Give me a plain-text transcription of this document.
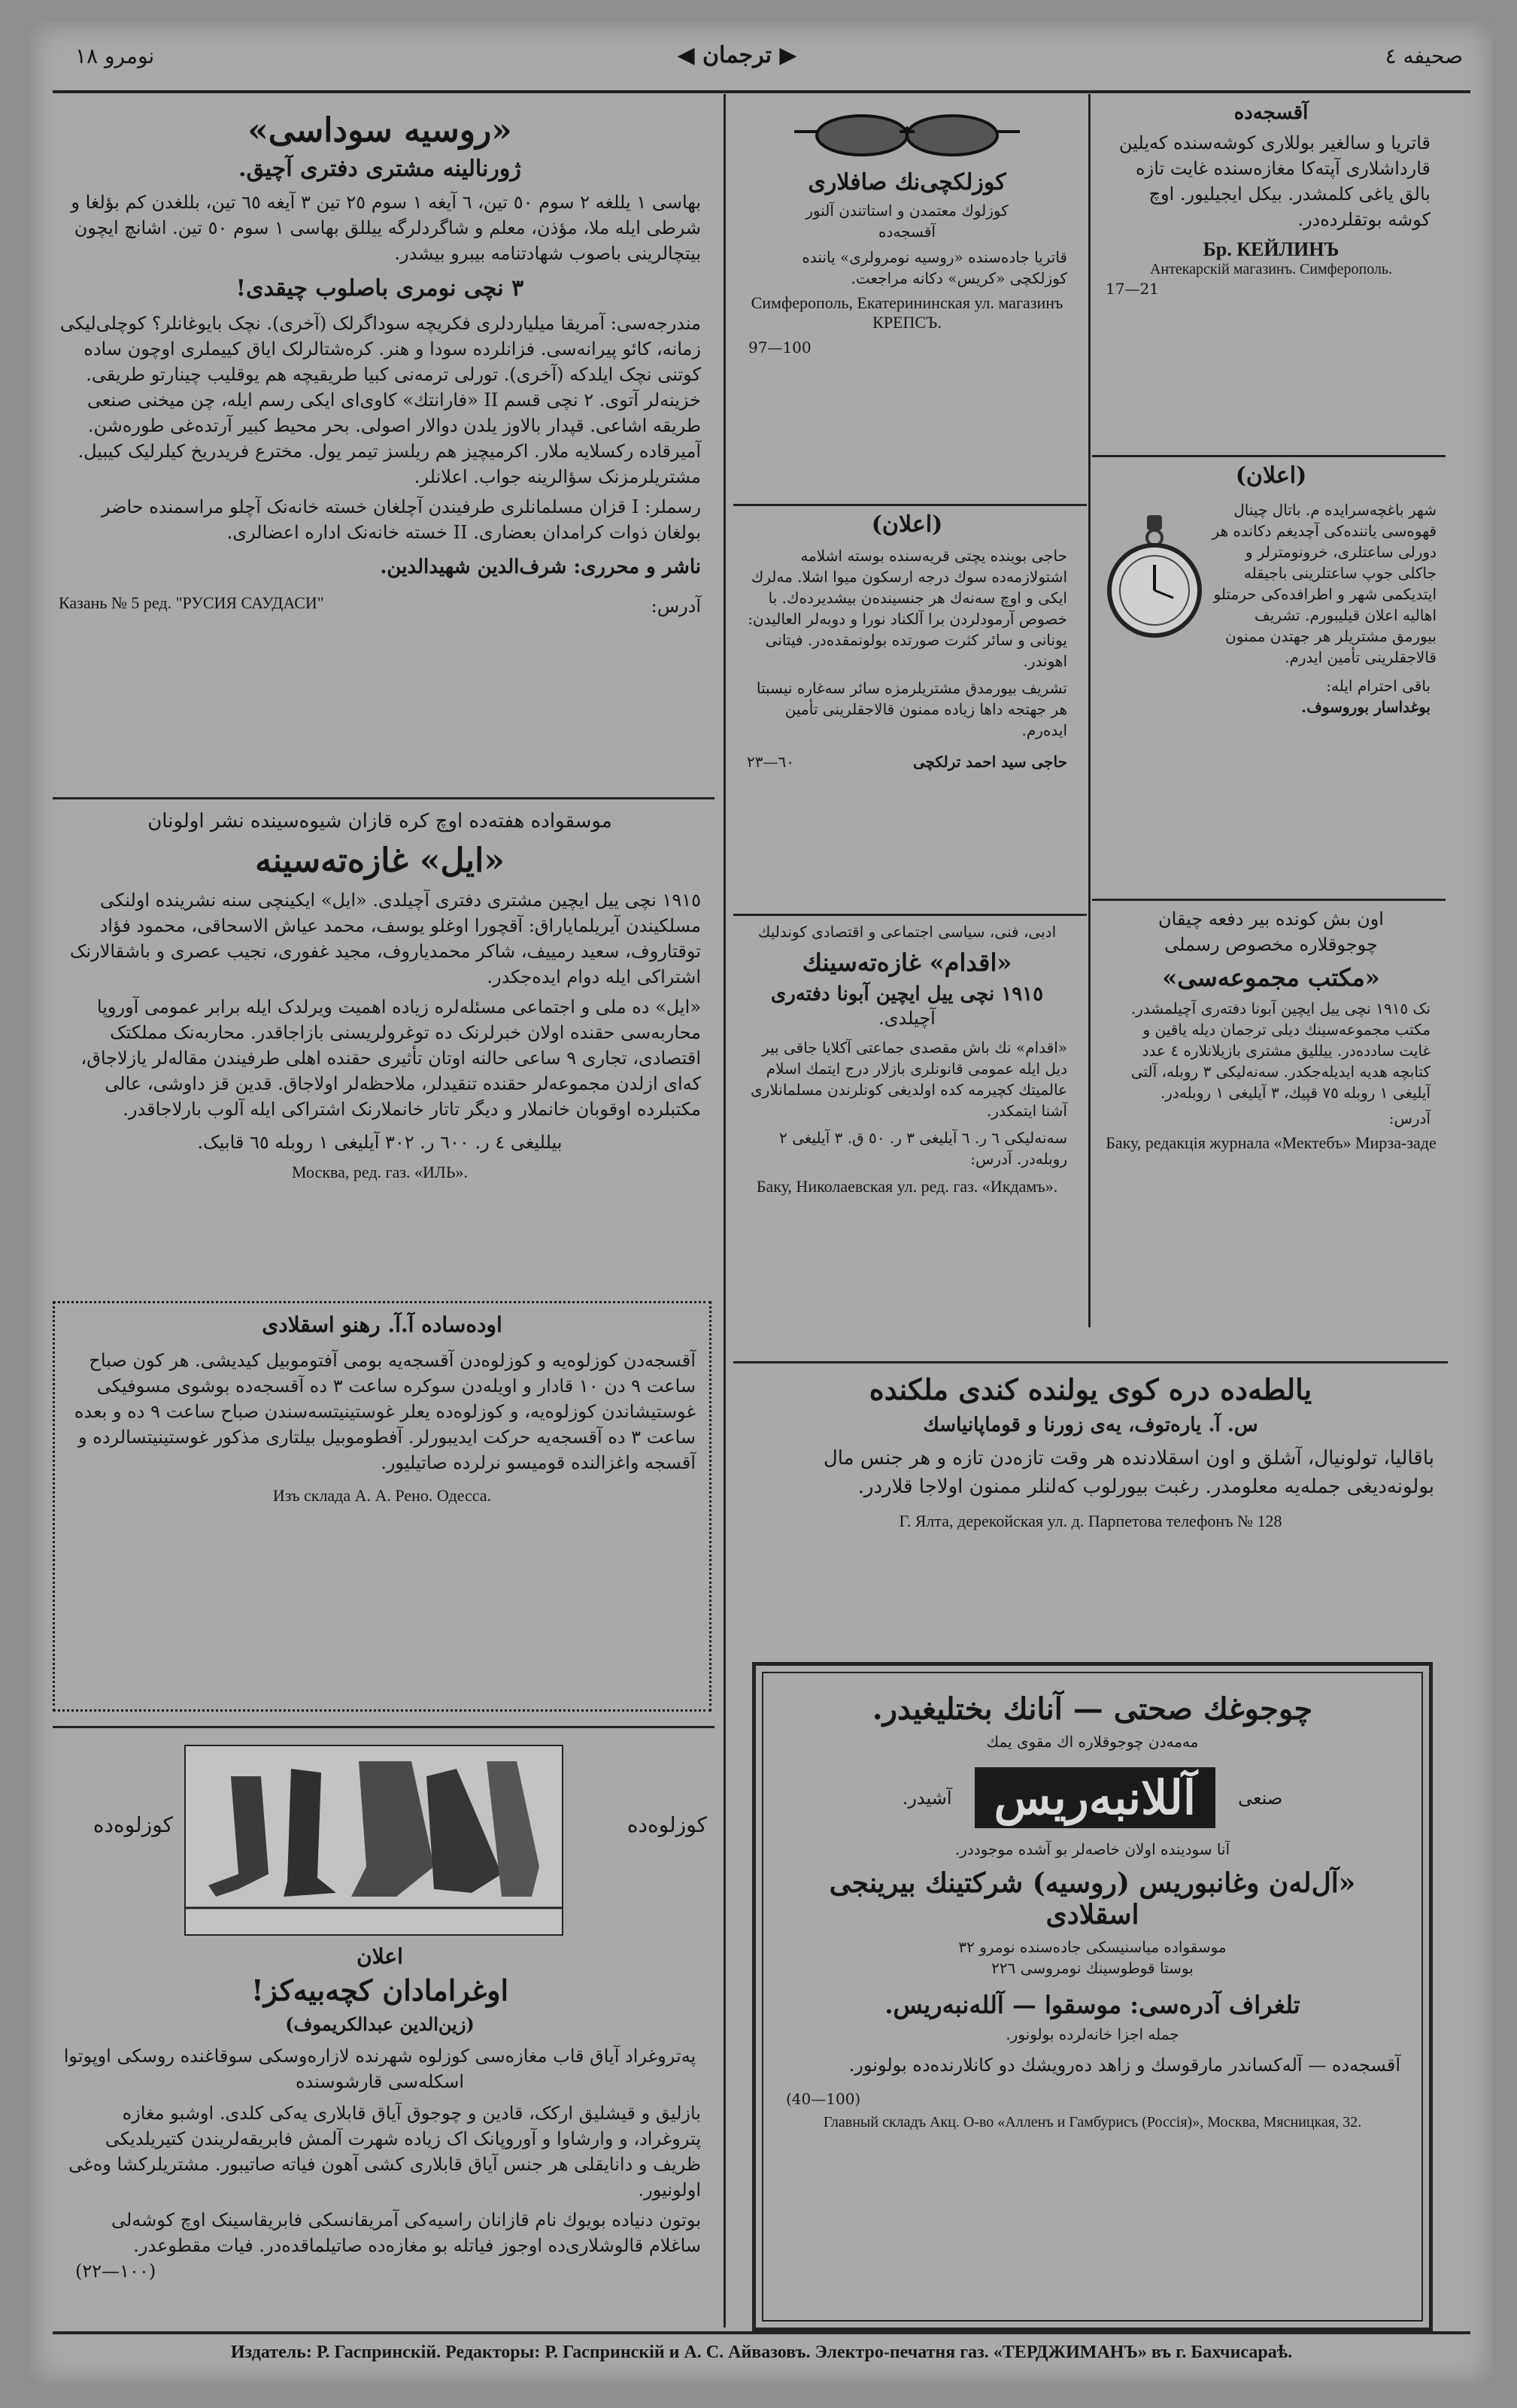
صحیفه ٤
◀ ترجمان ▶
نومرو ١٨

«روسیه سوداسی»

ژورنالینه مشتری دفتری آچیق.

بهاسی ١ یللغه ٢ سوم ٥٠ تین، ٦ آیغه ١ سوم ٢٥ تین ٣ آیغه ٦٥ تین، بللغدن کم بؤلغا و شرطی ایله ملا، مؤذن، معلم و شاگردلرگه ییللق بهاسی ١ سوم ٥٠ تین. اشانچ ایچون بیتچالرینی باصوب شهادتنامه بیبرو بیشدر.

٣ نچی نومری باصلوب چیقدی!

مندرجه‌سی: آمریقا میلیاردلری فکریچه سوداگرلک (آخری). نچک بایوغانلر؟ کوچلی‌لیکی زمانه، کائو پیرانه‌سی. فزانلرده سودا و هنر. کره‌شتالرلک ایاق کییملری اوچون ساده کوتنی نچک ایلدکه (آخری). تورلی ترمه‌نی کبیا طریقیچه هم یوقلیب چینارتو طریقی. خزینه‌لر آتوی. ٢ نچی قسم II «فارانتك» کاوی‌ای ایکی رسم ایله، چن میخنی صنعی طریقه اشاعی. قپدار بالاوز یلدن دوالار اصولی. بحر محیط کبیر آرتده‌غی طوره‌شن. آمیرقاده رکسلایه ملار. اکرمیچیز هم ریلسز تیمر یول. مخترع فریدریخ‌ کیلرلیک کیبیل. مشتریلرمزنک سؤالرینه جواب. اعلانلر.

رسملر: I قزان مسلمانلری طرفیندن آچلغان خسته خانه‌نک آچلو مراسمنده حاضر بولغان ذوات کرامدان بعضاری. II خسته خانه‌نک اداره اعضالری.

ناشر و محرری: شرف‌الدین شهیدالدین.

آدرس:
Казань № 5 ред. "РУСИЯ САУДАСИ"

موسقواده هفته‌ده اوچ کره قازان شیوه‌سینده نشر اولونان

«ایل» غازه‌ته‌سینه

١٩١٥ نچی ییل ایچین مشتری دفتری آچیلدی. «ایل» ایکینچی سنه نشرینده اولنکی مسلکیندن آیریلمایاراق: آقچورا اوغلو یوسف، محمد عیاش الاسحاقی، محمود فؤاد توقتاروف، سعید رمییف، شاکر محمدیاروف، مجید غفوری، نجیب عصری و باشقالارنک اشتراکی ایله دوام ایده‌جکدر.

«ایل» ده ملی و اجتماعی مسئله‌لره زیاده اهمیت ویرلدک ایله برابر عمومی آوروپا محاربه‌سی حقنده اولان خبرلرنک ده توغرولریسنی بازاجاقدر. محاربه‌نک مملکتک اقتصادی، تجاری ٩ ساعی حالنه‌ اوتان تأثیری حقنده اهلی طرفیندن مقاله‌لر یازلاجاق، که‌ای ازلدن مجموعه‌لر حقنده تنقیدلر، ملاحظه‌لر اولاجاق. قدین قز داوشی، عالی مکتبلرده اوقوبان خانملار و دیگر تاتار خانملارنک اشتراکی ایله آلوب بارلاجاقدر.

بیللیغی ٤ ر. ٦٠٠ ر. ٣٠٢ آیلیغی ١ روبله ٦٥ قابیک.

Москва, ред. газ. «ИЛЬ».

اوده‌ساده آ.آ. رهنو اسقلادی

آقسجه‌دن کوزلوه‌یه و کوزلوه‌دن آقسجه‌یه بومی آفتوموبیل کیدیشی. هر کون صباح ساعت ٩ دن ١٠ قادار و اویله‌دن سوکره ساعت ٣ ده آقسجه‌ده بوشوی مسوفیکی غوستیشاندن کوزلوه‌یه، و کوزلوه‌ده یعلر غوستینیتسه‌سندن صباح ساعت ٩ ده و بعده ساعت ٣ ده آقسجه‌یه حرکت ایدیبورلر. آفطوموبیل بیلتاری مذکور غوستینیتسالرده و آقسجه واغزالنده قومیسو نرلرده صاتیلیور.

Изъ склада А. А. Рено. Одесса.

کوزلوه‌ده
کوزلوه‌ده

اعلان

اوغرامادان کچه‌بیه‌کز!

(زین‌الدین عبدالکریموف)

په‌تروغراد آیاق قاب مغازه‌سی کوزلوه شهرنده لازاره‌وسکی سوقاغنده روسکی اوپوتوا اسکله‌سی قارشوسنده

بازلیق و قیشلیق ارکک، قادین و چوجوق آیاق قابلاری یه‌کی کلدی. اوشبو مغازه پتروغراد، و وارشاوا و آوروپانک اک زیاده شهرت آلمش فابریقه‌لریندن کتیریلدیکی ظریف و دانایقلی هر جنس آیاق قابلاری کشی آهون فیاته صاتیبور. مشتریلرکشا وه‌غی اولونیور.

بوتون دنیاده بویوك نام قازانان راسیه‌کی آمریقانسکی فابریقاسینک اوچ کوشه‌لی ساغلام قالوشلاری‌ده اوجوز فیاتله بو مغازه‌ده صاتیلماقده‌در. فیات مقطوعدر.

(١٠٠—٢٢)

کوزلکچی‌نك صافلاری

کوزلوك معتمدن و استاتندن آلنور

آقسجه‌ده

قاتریا جاده‌سنده «روسیه نومرولری» یاننده کوزلکچی «کریس» دکانه مراجعت.

Симферополь, Екатерининская ул. магазинъ КРЕПСЪ.

97—100

(اعلان)

حاجی بوینده یچتی قریه‌سنده بوسته اشلامه اشتولازمه‌ده سوك درجه ارسکون میوا اشلا. مه‌لرك ایکی و اوچ سه‌نه‌ك هر جنسینده‌ن بیشدیرده‌ك. با خصوص آرمودلردن برا آلکناد نورا و دوبه‌لر العالیدن: یونانی و سائر کثرت صورتده بولونمقده‌در. فیتانی اهوندر.

تشریف بیورمدق مشتریلرمزه سائر سه‌غاره نیسبتا هر جهتجه داها زیاده ممنون قالاجقلرینی تأمین ایده‌رم.

حاجی سید احمد ترلکچی
٦٠—٢٣

ادبی، فنی، سیاسی اجتماعی و اقتصادی کوندلیك

«اقدام» غازه‌ته‌سینك

١٩١٥ نچی ییل ایچین آبونا دفته‌ری

آچیلدی.

«اقدام» نك باش مقصدی جماعتی آکلایا جاقی بیر دیل ایله عمومی قانونلری بازلار درج ایتمك اسلام عالمیتك کچیرمه کده اولدیغی کونلرندن مسلمانلاری آشنا ایتمکدر.

سه‌نه‌لیکی ٦ ر. ٦ آیلیغی ٣ ر. ٥٠ ق. ٣ آیلیغی ٢ روبله‌در. آدرس:

Баку, Николаевская ул. ред. газ. «Икдамъ».

آقسجه‌ده

قاتریا و سالغیر بوللاری کوشه‌سنده که‌یلین قارداشلاری آپته‌کا مغازه‌سنده غایت تازه بالق یاغی کلمشدر. بیکل ایجیلیور. اوچ کوشه بوتقلرده‌در.

Бр. КЕЙЛИНЪ

Антекарскій магазинъ. Симферополь.

17—21

(اعلان)

شهر باغچه‌سرایده م. باتال چینال قهوه‌سی یاننده‌کی آچدیغم دکانده هر دورلی ساعتلری، خرونومترلر و جاکلی جوپ ساعتلرینی باجیقله ایتدیکمی شهر و اطرافده‌کی حرمتلو اهالیه اعلان قیلیبورم. تشریف بیورمق مشتریلر هر جهتدن ممنون قالاجقلرینی تأمین ایدرم.

باقی احترام ایله:

بوغداسار بوروسوف.

اون بش کونده بیر دفعه چیقان

چوجوقلاره مخصوص رسملی

«مکتب مجموعه‌سی»

نک ١٩١٥ نچی ییل ایچین آبونا دفته‌ری آچیلمشدر. مکتب مجموعه‌سینك دیلی ترجمان دیله یاقین و غایت سادده‌در. ییللیق مشتری بازیلانلاره ٤ عدد کتابچه هدیه ایدیله‌جکدر. سه‌نه‌لیکی ٣ روبله، آلتی آیلیغی ١ روبله ٧٥ قپیك، ٣ آیلیغی ١ روبله‌در.

آدرس:

Баку, редакція журнала «Мектебъ» Мирза-заде

یالطه‌ده دره کوی یولنده کندی ملکنده

س. آ. یاره‌توف، یه‌ی زورنا و قوماپانیاسك

باقالیا، تولونیال، آشلق و اون اسقلادنده هر وقت تازه‌دن تازه و هر جنس مال بولونه‌دیغی جمله‌یه معلومدر. رغبت بیورلوب که‌لنلر ممنون اولاجا قلاردر.

Г. Ялта, дерекойская ул. д. Парпетова телефонъ № 128

چوجوغك صحتی — آنانك بختلیغیدر.

مه‌مه‌دن چوجوقلاره اك مقوی یمك

صنعی
آللانبه‌ریس
آشیدر.

آنا سودینده اولان خاصه‌لر بو آشده موجوددر.

«آل‌له‌ن وغانبوریس (روسیه) شرکتینك بیرینجی اسقلادی

موسقواده میاسنیسکی جاده‌سنده نومرو ٣٢

بوستا قوطوسینك نومروسی ٢٢٦

تلغراف آدره‌سی: موسقوا — آلله‌نبه‌ریس.

جمله اجزا خانه‌لرده بولونور.

آقسجه‌ده — آله‌کساندر مارقوسك و زاهد دەرویشك دو کانلارنده‌ده بولونور.

(40—100)

Главный складъ Акц. О-во «Алленъ и Гамбурисъ (Россія)», Москва, Мясницкая, 32.

Издатель: Р. Гаспринскій. Редакторы: Р. Гаспринскій и А. С. Айвазовъ. Электро-печатня газ. «ТЕРДЖИМАНЪ» въ г. Бахчисараѣ.
